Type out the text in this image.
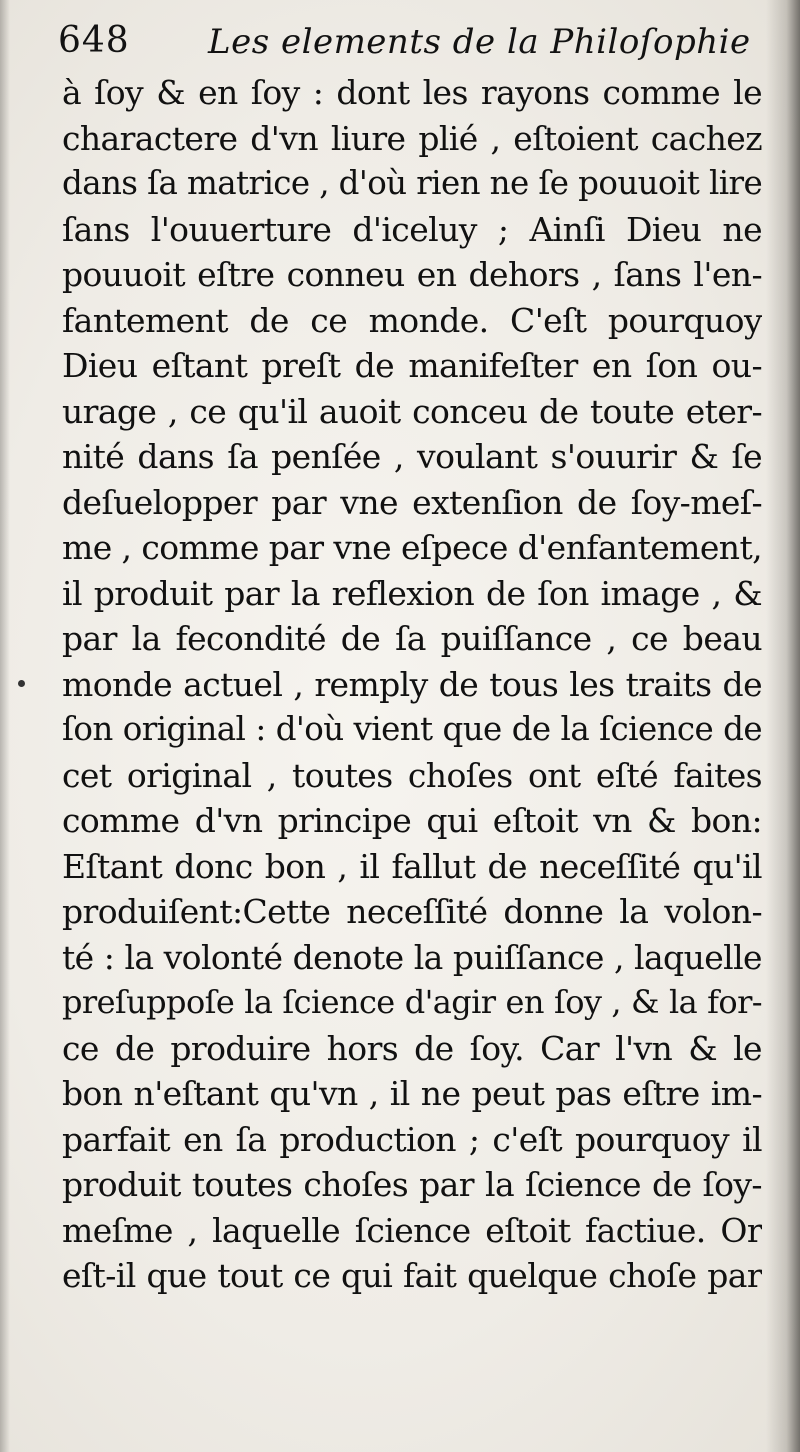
648 Les elements de la Philoſophie
à ſoy & en ſoy : dont les rayons comme le
charactere d'vn liure plié , eſtoient cachez
dans ſa matrice , d'où rien ne ſe pouuoit lire
ſans l'ouuerture d'iceluy ; Ainſi Dieu ne
pouuoit eſtre conneu en dehors , ſans l'en-
fantement de ce monde. C'eſt pourquoy
Dieu eſtant preſt de manifeſter en ſon ou-
urage , ce qu'il auoit conceu de toute eter-
nité dans ſa penſée , voulant s'ouurir & ſe
deſuelopper par vne extenſion de ſoy-meſ-
me , comme par vne eſpece d'enfantement,
il produit par la reflexion de ſon image , &
par la fecondité de ſa puiſſance , ce beau
monde actuel , remply de tous les traits de
ſon original : d'où vient que de la ſcience de
cet original , toutes choſes ont eſté faites
comme d'vn principe qui eſtoit vn & bon:
Eſtant donc bon , il fallut de neceſſité qu'il
produiſent:Cette neceſſité donne la volon-
té : la volonté denote la puiſſance , laquelle
preſuppoſe la ſcience d'agir en ſoy , & la for-
ce de produire hors de ſoy. Car l'vn & le
bon n'eſtant qu'vn , il ne peut pas eſtre im-
parfait en ſa production ; c'eſt pourquoy il
produit toutes choſes par la ſcience de ſoy-
meſme , laquelle ſcience eſtoit factiue. Or
eſt-il que tout ce qui fait quelque choſe par
